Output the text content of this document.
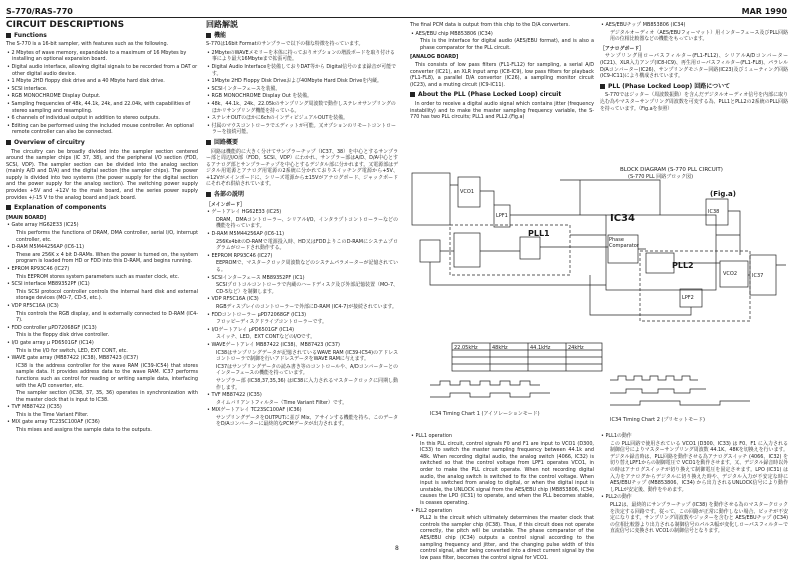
S-770/RAS-770	MAR 1990
CIRCUIT DESCRIPTIONS
Functions
The S-770 is a 16-bit sampler, with features such as the following.
• 2 Mbytes of wave memory, expandable to a maximum of 16 Mbytes by installing an optional expansion board.
• Digital audio interface, allowing digital signals to be recorded from a DAT or other digital audio device.
• 1 Mbyte 2HD floppy disk drive and a 40 Mbyte hard disk drive.
• SCSI interface.
• RGB MONOCHROME Display Output.
• Sampling frequencies of 48k, 44.1k, 24k, and 22.04k, with capabilities of stereo sampling and resampling.
• 6 channels of individual output in addition to stereo outputs.
• Editing can be performed using the included mouse controller. An optional remote controller can also be connected.
Overview of circuitry
The circuitry can be broadly divided into the sampler section centered around the sampler chips (IC 37, 38), and the peripheral I/O section (FDD, SCSI, VDP). The sampler section can be divided into the analog section (mainly A/D and D/A) and the digital section (the sampler chips). The power supply is divided into two systems (the power supply for the digital section and the power supply for the analog section). The switching power supply provides +5V and +12V to the main board, and the series power supply provides +/-15 V to the analog board and jack board.
Explanation of components
[MAIN BOARD]
• Gate array HG62E33 (IC25)
This performs the functions of DRAM, DMA controller, serial I/O, interrupt controller, etc.
• D-RAM M5M44256AP (IC6-11)
These are 256K x 4 bit D-RAMs. When the power is turned on, the system program is loaded from HD or FDD into this D-RAM, and begins running.
• EPROM RP93C46 (IC27)
This EEPROM stores system parameters such as master clock, etc.
• SCSI interface MB89352PF (IC1)
This SCSI protocol controller controls the internal hard disk and external storage devices (MO-7, CD-5, etc.).
• VDP RF5C16A (IC3)
This controls the RGB display, and is externally connected to D-RAM (IC4-7).
• FDD controller μPD72068GF (IC13)
This is the floppy disk drive controller.
• I/O gate array μ PD6501GF (IC14)
This is the I/O for switch, LED, EXT CONT, etc.
• WAVE gate array (MB87422 (IC38), MB87423 (IC37)
IC38 is the address controller for the wave RAM (IC39-IC54) that stores sample data. It provides address data to the wave RAM. IC37 performs functions such as control for reading or writing sample data, interfacing with the A/D converter, etc.
The sampler section (IC38, 37, 35, 36) operates in synchronization with the master clock that is input to IC38.
• TVF MB87422 (IC35)
This is the Time Variant Filter.
• MIX gate array TC23SC100AF (IC36)
This mixes and assigns the sample data to the outputs.
回路解説
機能
S-770は16bit Formatのサンプラーで以下の様な特徴を持っています。
• 2MbyteのWAVEメモリーを本体に持っておりオプションの増設ボードを取り付ける事により最大16Mbyteまで拡張可能。
• Digital Audio Interfaceを装備しておりDAT等から Digital信号のまま録音が可能です。
• 1Mbyte 2HD Floppy Disk Driveおよび40Mbyte Hard Disk Driveを内蔵。
• SCSIインターフェースを装備。
• RGB MONOCHROME Display Out を装備。
• 48k、44.1k、24k、22.05kのサンプリング周波数で動作しステレオサンプリングのほかリサンプリング機能を持っている。
• ステレオOUTのほかに6chのインディビジュアルOUTを装備。
• 付属のマウスコントローラでエディットが可能。又オプションのリモートコントローラーを接続可能。
回路概要
回路は機能的に大きく分けてサンプラーチップ（IC37、38）を中心とするサンプラー部と周辺I/O部（FDD、SCSI、VDP）にわかれ、サンプラー部はA/D、D/A中心とするアナログ部とサンプラーチップを中心とするデジタル部に分かれます。又電源部はデジタル用電源とアナログ用電源の2系統に分かれておりスイッチング電源から+5V、+12Vがメインボードに、シリーズ電源から±15Vがアナログボード、ジャックボードにそれぞれ供給されています。
各部の説明
［メインボード］
• ゲートアレイ HG62E33 (IC25)
DRAM、DMAコントローラー、シリアルI/O、インタラプトコントローラーなどの機能を持っています。
• D-RAM M5M44256AP (IC6-11)
256Kx4bitのD-RAMで電源投入時、HD又はFDDよりこのD-RAMにシステムプログラムがロードされ動作する。
• EEPROM RP93C46 (IC27)
EEPROMで、マスタークロック周波数などのシステムパラメーターが記憶されている。
• SCSIインターフェース MB89352PF (IC1)
SCSIプロトコルコントローラで内蔵のハードディスク及び外部記憶装置（MO-7、CD-5など）を制御します。
• VDP RF5C16A (IC3)
RGBディスプレイのコントローラーで外部にD-RAM (IC4-7)が接続されています。
• FDDコントローラー μPD72068GF (IC13)
フロッピーディスクドライブコントローラーです。
• I/Oゲートアレイ μPD6501GF (IC14)
スイッチ、LED、EXT CONTなどのI/Oです。
• WAVEゲートアレイ MB87422 (IC38)、MB87423 (IC37)
IC38はサンプリングデータが記憶されているWAVE RAM (IC39-IC54)のアドレスコントローラで制御を行いアドレスデータをWAVE RAMに与えます。
IC37はサンプリングデータの読み書き等のコントロールや、A/Dコンバーターとのインターフェースの機能を持っています。
サンプラー部 (IC38,37,35,36) はIC38に入力されるマスタークロックに同期し動作します。
• TVF MB87422 (IC35)
タイムバリアントフィルター（Time Variant Filter）です。
• MIXゲートアレイ TC23SC100AF (IC36)
サンプリングデータをOUTPUTに並び Mix、アサインする機能を持ち、このデータをD/Aコンバーターに最終的なPCMデータが出力されます。
The final PCM data is output from this chip to the D/A converters.
• AES/EBU chip MB853806 (IC34)
This is the interface for digital audio (AES/EBU format), and is also a phase comparator for the PLL circuit.
[ANALOG BOARD]
This consists of low pass filters (FL1-FL12) for sampling, a serial A/D converter (IC21), an XLR input amp (IC8-IC9), low pass filters for playback (FL1-FL8), a parallel D/A convertor (IC26), a sampling monitor circuit (IC23), and a muting circuit (IC9-IC11).
About the PLL (Phase Locked Loop) circuit
In order to receive a digital audio signal which contains jitter (frequency instability) and to make the master sampling frequency variable, the S-770 has two PLL circuits; PLL1 and PLL2.(Fig.a)
• AES/EBUチップ MB853806 (IC34)
デジタルオーディオ（AES/EBUフォーマット）用インターフェース及びPLL回路用の位相比較器などの機能をもっています。
［アナログボード］
サンプリング用ローパスフィルター(FL1-FL12)、シリアルA/Dコンバーター(IC21)、XLR入力アンプ(IC8-IC9)、再生用ローパスフィルター(FL1-FL8)、パラレルD/Aコンバーター(IC26)、サンプリングモニター回路(IC23)及びミューティング回路(IC9-IC11)により構成されています。
PLL (Phase Locked Loop) 回路について
S-770ではジッター（周波数振動）を含んだデジタルオーディオ信号を内部に取り込む為やマスターサンプリング周波数を可変する為、PLL1とPLL2の2系統のPLL回路を持っています。（Fig.aを参照）
BLOCK DIAGRAM (S-770 PLL CIRCUIT)
(S-770 PLL 回路ブロック図)
(Fig.a)
PLL1
IC34
PLL2
Phase Comparator
IC38
IC37
VCO1
VCO2
LPF1
LPF2
48kHz	44.1kHz	24kHz
22.05kHz
IC34 Timing Chart 1 (アイソレーションモード)
IC34 Timing Chart 2 (プリセットモード)
• PLL1 operation
In this PLL circuit, control signals F0 and F1 are input to VCO1 (D300, IC33) to switch the master sampling frequency between 44.1k and 48k. When recording digital audio, the analog switch (4066, IC32) is switched so that the control voltage from LPF1 operates VCO1, in order to make the PLL circuit operate. When not recording digital audio, the analog switch is switched to fix the control voltage. When input is switched from analog to digital, or when the digital input is unstable, the UNLOCK signal from the AES/EBU chip (MB853806, IC34) causes the LPO (IC31) to operate, and when the PLL becomes stable, is ceases operating.
• PLL2 operation
PLL2 is the circuit which ultimately determines the master clock that controls the sampler chip (IC38). Thus, if this circuit does not operate correctly, the pitch will be unstable. The phase comparator of the AES/EBU chip (IC34) outputs a control signal according to the sampling frequency and jitter, and the changing pulse width of this control signal, after being converted into a direct current signal by the low pass filter, becomes the control signal for VCO1.
• PLL1の動作
この PLL回路で使用されている VCO1 (D300、IC33) は F0、F1 に入力される制御信号によりマスターサンプリング周波数 44.1K、48Kを切換えを行います。デジタル録音時は、PLL回路を動作させる為アナログスイッチ (4066、IC32) を切り替えLPF1からの制御電圧で VCO1を動作させます。又、デジタル録音時以外の時はアナログスイッチが切り換えて制御電圧を固定させます。LPO (IC31) は入力をアナログからデジタルに切り換えた時や、デジタル入力が不安定な時に AES/EBUチップ (MB853806、IC34) から出力されるUNLOCK信号により動作しPLLが安定後、動作をやめます。
• PLL2の動作
PLL2は、最終的にサンプラーチップ (IC38) を動作させる為のマスタークロックを決定する回路です。従って、この回路が正常に動作しない場合、ピッチが不安定になります。サンプリング周波数やジッターを含むと AES/EBUチップ (IC34) の位相比較器より出力される制御信号のパルス幅が変化しローパスフィルターで直流信号に変換され VCO1の制御信号となります。
8
